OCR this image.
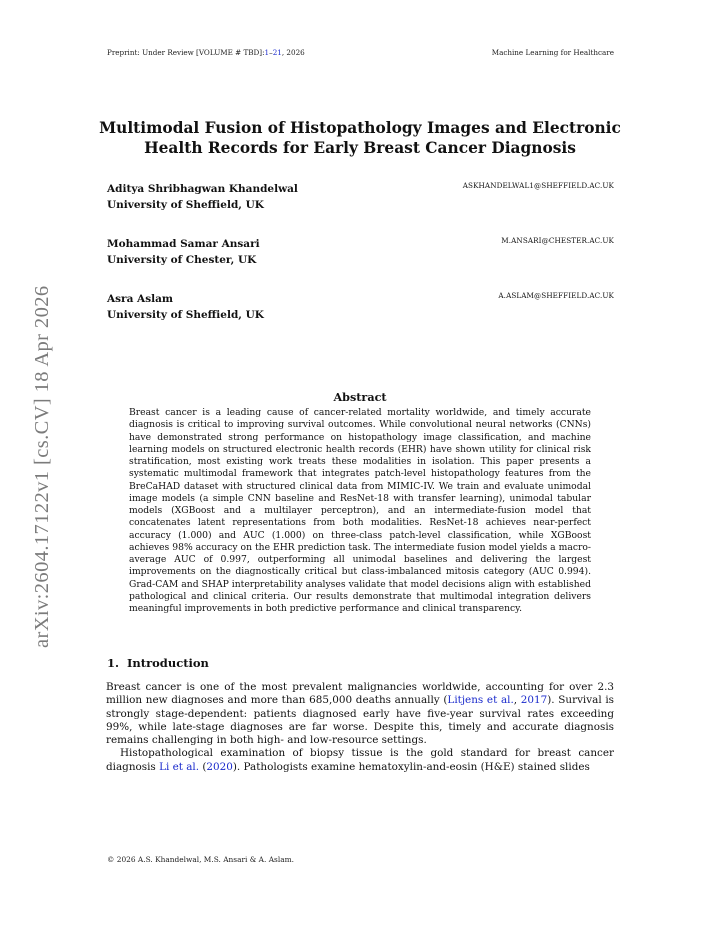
Preprint: Under Review [VOLUME # TBD]:1–21, 2026	Machine Learning for Healthcare
arXiv:2604.17122v1 [cs.CV] 18 Apr 2026
Multimodal Fusion of Histopathology Images and Electronic
Health Records for Early Breast Cancer Diagnosis
Aditya Shribhagwan Khandelwal
University of Sheffield, UK
ASKHANDELWAL1@SHEFFIELD.AC.UK
Mohammad Samar Ansari
University of Chester, UK
M.ANSARI@CHESTER.AC.UK
Asra Aslam
University of Sheffield, UK
A.ASLAM@SHEFFIELD.AC.UK
Abstract

Breast cancer is a leading cause of cancer-related mortality worldwide, and timely accurate diagnosis is critical to improving survival outcomes. While convolutional neural networks (CNNs) have demonstrated strong performance on histopathology image classification, and machine learning models on structured electronic health records (EHR) have shown utility for clinical risk stratification, most existing work treats these modalities in isolation. This paper presents a systematic multimodal framework that integrates patch-level histopathology features from the BreCaHAD dataset with structured clinical data from MIMIC-IV. We train and evaluate unimodal image models (a simple CNN baseline and ResNet-18 with transfer learning), unimodal tabular models (XGBoost and a multilayer perceptron), and an intermediate-fusion model that concatenates latent representations from both modalities. ResNet-18 achieves near-perfect accuracy (1.000) and AUC (1.000) on three-class patch-level classification, while XGBoost achieves 98% accuracy on the EHR prediction task. The intermediate fusion model yields a macro-average AUC of 0.997, outperforming all unimodal baselines and delivering the largest improvements on the diagnostically critical but class-imbalanced mitosis category (AUC 0.994). Grad-CAM and SHAP interpretability analyses validate that model decisions align with established pathological and clinical criteria. Our results demonstrate that multimodal integration delivers meaningful improvements in both predictive performance and clinical transparency.

1. Introduction

Breast cancer is one of the most prevalent malignancies worldwide, accounting for over 2.3 million new diagnoses and more than 685,000 deaths annually (Litjens et al., 2017). Survival is strongly stage-dependent: patients diagnosed early have five-year survival rates exceeding 99%, while late-stage diagnoses are far worse. Despite this, timely and accurate diagnosis remains challenging in both high- and low-resource settings.

Histopathological examination of biopsy tissue is the gold standard for breast cancer diagnosis Li et al. (2020). Pathologists examine hematoxylin-and-eosin (H&E) stained slides

© 2026 A.S. Khandelwal, M.S. Ansari & A. Aslam.
